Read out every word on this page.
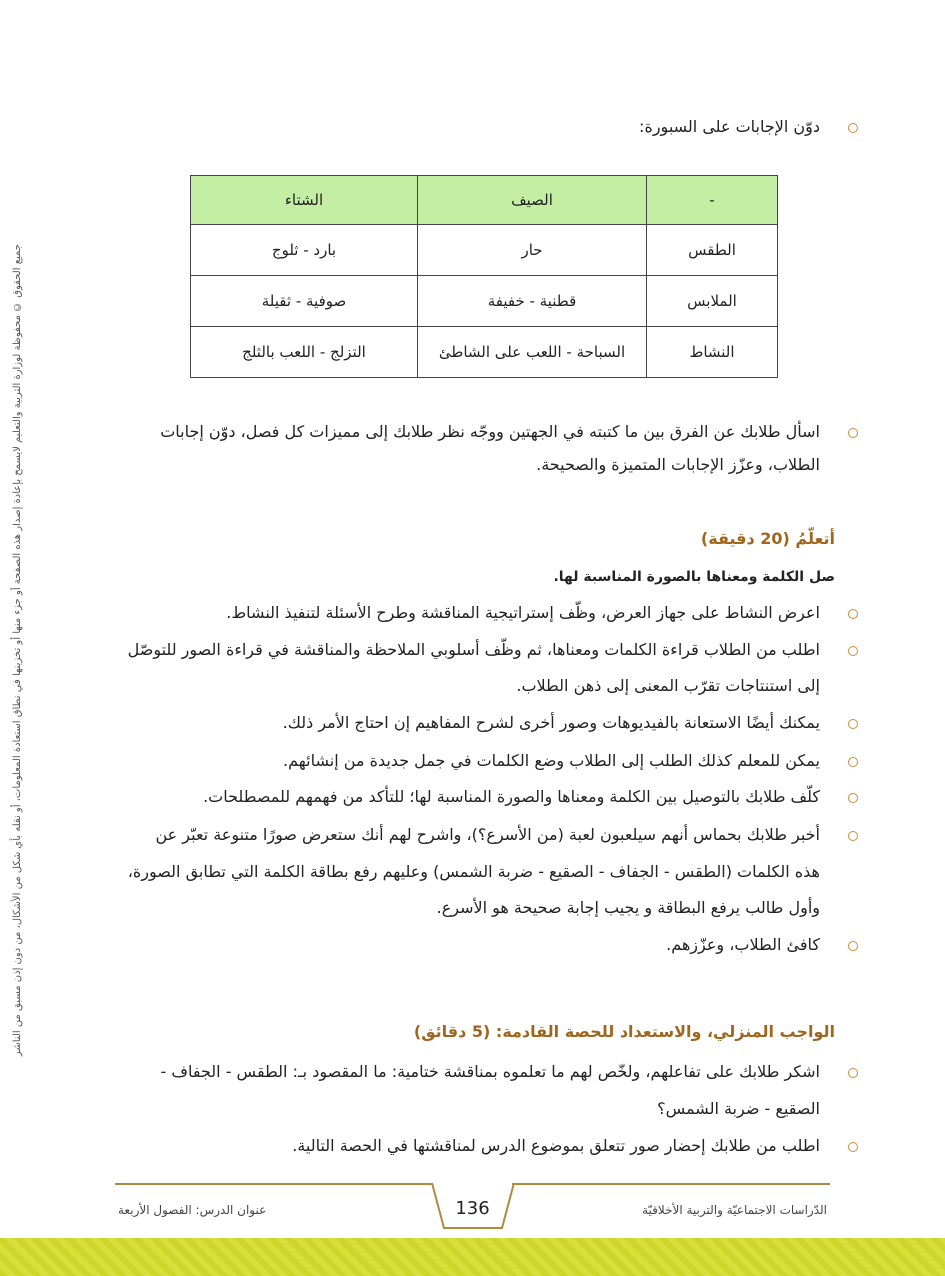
جميع الحقوق © محفوظة لوزارة التربية والتعليم لايسمح بإعادة إصدار هذه الصفحة أو جزء منها أو تخزينها في نطاق استعادة المعلومات، أو نقله بأي شكل من الأشكال، من دون إذن مسبق من الناشر
دوّن الإجابات على السبورة:
-	الصيف	الشتاء
الطقس	حار	بارد - ثلوج
الملابس	قطنية - خفيفة	صوفية - ثقيلة
النشاط	السباحة - اللعب على الشاطئ	التزلج - اللعب بالثلج
اسأل طلابك عن الفرق بين ما كتبته في الجهتين ووجّه نظر طلابك إلى مميزات كل فصل، دوّن إجابات
الطلاب، وعزّز الإجابات المتميزة والصحيحة.
أتعلّمُ (20 دقيقة)
صل الكلمة ومعناها بالصورة المناسبة لها.
اعرض النشاط على جهاز العرض، وظّف إستراتيجية المناقشة وطرح الأسئلة لتنفيذ النشاط.
اطلب من الطلاب قراءة الكلمات ومعناها، ثم وظّف أسلوبي الملاحظة والمناقشة في قراءة الصور للتوصّل
إلى استنتاجات تقرّب المعنى إلى ذهن الطلاب.
يمكنك أيضًا الاستعانة بالفيديوهات وصور أخرى لشرح المفاهيم إن احتاج الأمر ذلك.
يمكن للمعلم كذلك الطلب إلى الطلاب وضع الكلمات في جمل جديدة من إنشائهم.
كلّف طلابك بالتوصيل بين الكلمة ومعناها والصورة المناسبة لها؛ للتأكد من فهمهم للمصطلحات.
أخبر طلابك بحماس أنهم سيلعبون لعبة (من الأسرع؟)، واشرح لهم أنك ستعرض صورًا متنوعة تعبّر عن
هذه الكلمات (الطقس - الجفاف - الصقيع - ضربة الشمس) وعليهم رفع بطاقة الكلمة التي تطابق الصورة،
وأول طالب يرفع البطاقة و يجيب إجابة صحيحة هو الأسرع.
كافئ الطلاب، وعزّزهم.
الواجب المنزلي، والاستعداد للحصة القادمة: (5 دقائق)
اشكر طلابك على تفاعلهم، ولخّص لهم ما تعلموه بمناقشة ختامية: ما المقصود بـ: الطقس - الجفاف -
الصقيع - ضربة الشمس؟
اطلب من طلابك إحضار صور تتعلق بموضوع الدرس لمناقشتها في الحصة التالية.
136
عنوان الدرس: الفصول الأربعة	الدّراسات الاجتماعيّة والتربية الأخلاقيّة
